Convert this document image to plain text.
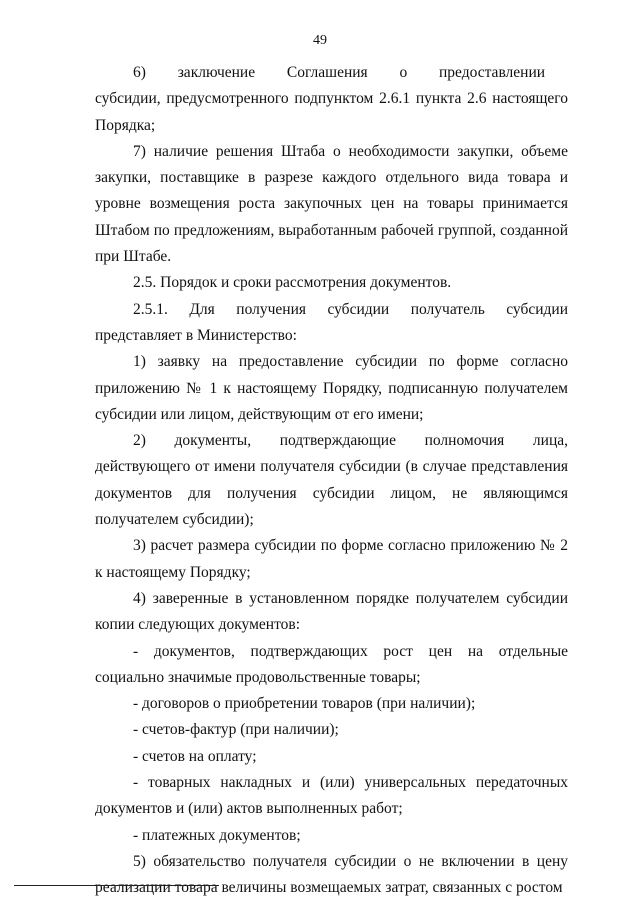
49

6)     заключение     Соглашения     о     предоставлении     субсидии, предусмотренного подпунктом 2.6.1 пункта 2.6 настоящего Порядка;

7) наличие решения Штаба о необходимости закупки, объеме закупки, поставщике в разрезе каждого отдельного вида товара и уровне возмещения роста закупочных цен на товары принимается Штабом по предложениям, выработанным рабочей группой, созданной при Штабе.

2.5. Порядок и сроки рассмотрения документов.

2.5.1. Для получения субсидии получатель субсидии представляет в Министерство:

1) заявку на предоставление субсидии по форме согласно приложению № 1 к настоящему Порядку, подписанную получателем субсидии или лицом, действующим от его имени;

2) документы, подтверждающие полномочия лица, действующего от имени получателя субсидии (в случае представления документов для получения субсидии лицом, не являющимся получателем субсидии);

3) расчет размера субсидии по форме согласно приложению № 2 к настоящему Порядку;

4) заверенные в установленном порядке получателем субсидии копии следующих документов:

- документов, подтверждающих рост цен на отдельные социально значимые продовольственные товары;

- договоров о приобретении товаров (при наличии);

- счетов-фактур (при наличии);

- счетов на оплату;

- товарных накладных и (или) универсальных передаточных документов и (или) актов выполненных работ;

- платежных документов;

5) обязательство получателя субсидии о не включении в цену реализации товара величины возмещаемых затрат, связанных с ростом
